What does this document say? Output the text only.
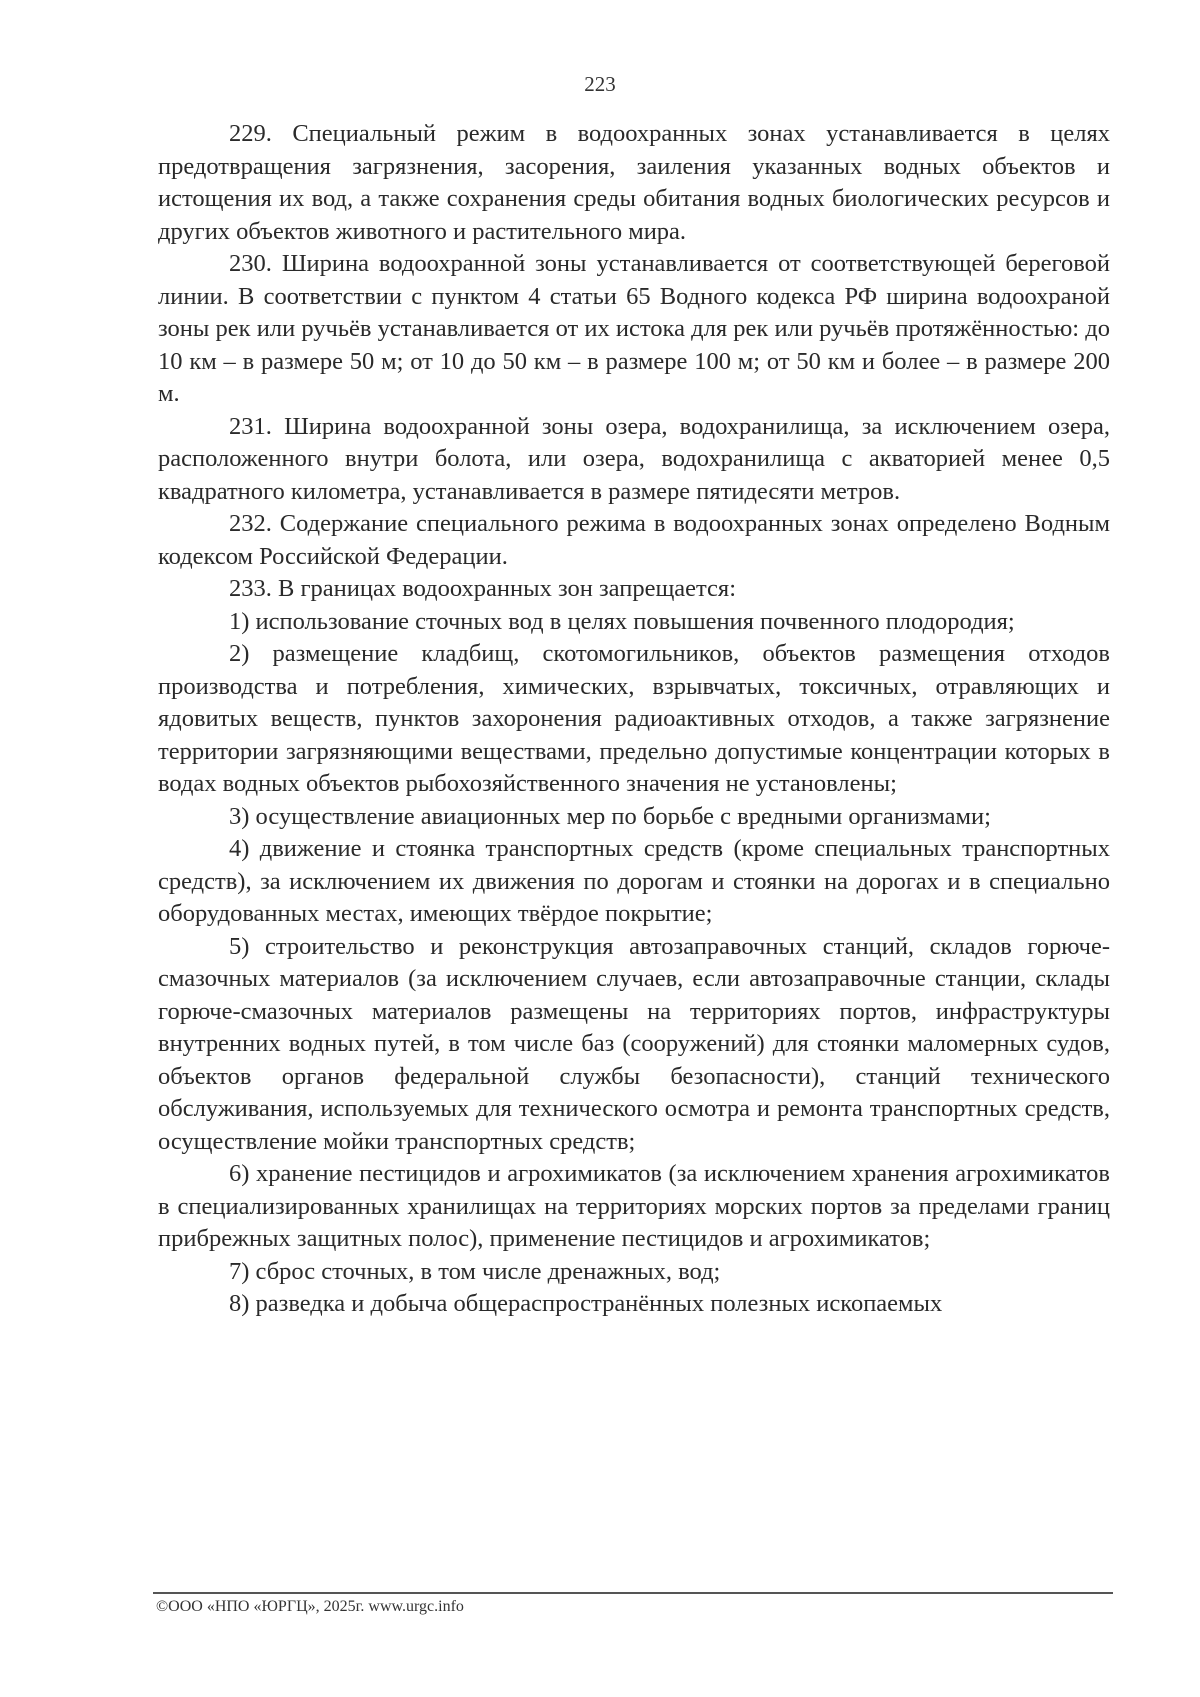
223

229. Специальный режим в водоохранных зонах устанавливается в целях предотвращения загрязнения, засорения, заиления указанных водных объектов и истощения их вод, а также сохранения среды обитания водных биологических ресурсов и других объектов животного и растительного мира.

230. Ширина водоохранной зоны устанавливается от соответствующей береговой линии. В соответствии с пунктом 4 статьи 65 Водного кодекса РФ ширина водоохраной зоны рек или ручьёв устанавливается от их истока для рек или ручьёв протяжённостью: до 10 км – в размере 50 м; от 10 до 50 км – в размере 100 м; от 50 км и более – в размере 200 м.

231. Ширина водоохранной зоны озера, водохранилища, за исключением озера, расположенного внутри болота, или озера, водохранилища с акваторией менее 0,5 квадратного километра, устанавливается в размере пятидесяти метров.

232. Содержание специального режима в водоохранных зонах определено Водным кодексом Российской Федерации.

233. В границах водоохранных зон запрещается:

1) использование сточных вод в целях повышения почвенного плодородия;

2) размещение кладбищ, скотомогильников, объектов размещения отходов производства и потребления, химических, взрывчатых, токсичных, отравляющих и ядовитых веществ, пунктов захоронения радиоактивных отходов, а также загрязнение территории загрязняющими веществами, предельно допустимые концентрации которых в водах водных объектов рыбохозяйственного значения не установлены;

3) осуществление авиационных мер по борьбе с вредными организмами;

4) движение и стоянка транспортных средств (кроме специальных транспортных средств), за исключением их движения по дорогам и стоянки на дорогах и в специально оборудованных местах, имеющих твёрдое покрытие;

5) строительство и реконструкция автозаправочных станций, складов горюче-смазочных материалов (за исключением случаев, если автозаправочные станции, склады горюче-смазочных материалов размещены на территориях портов, инфраструктуры внутренних водных путей, в том числе баз (сооружений) для стоянки маломерных судов, объектов органов федеральной службы безопасности), станций технического обслуживания, используемых для технического осмотра и ремонта транспортных средств, осуществление мойки транспортных средств;

6) хранение пестицидов и агрохимикатов (за исключением хранения агрохимикатов в специализированных хранилищах на территориях морских портов за пределами границ прибрежных защитных полос), применение пестицидов и агрохимикатов;

7) сброс сточных, в том числе дренажных, вод;

8) разведка и добыча общераспространённых полезных ископаемых

©ООО «НПО «ЮРГЦ», 2025г. www.urgc.info
